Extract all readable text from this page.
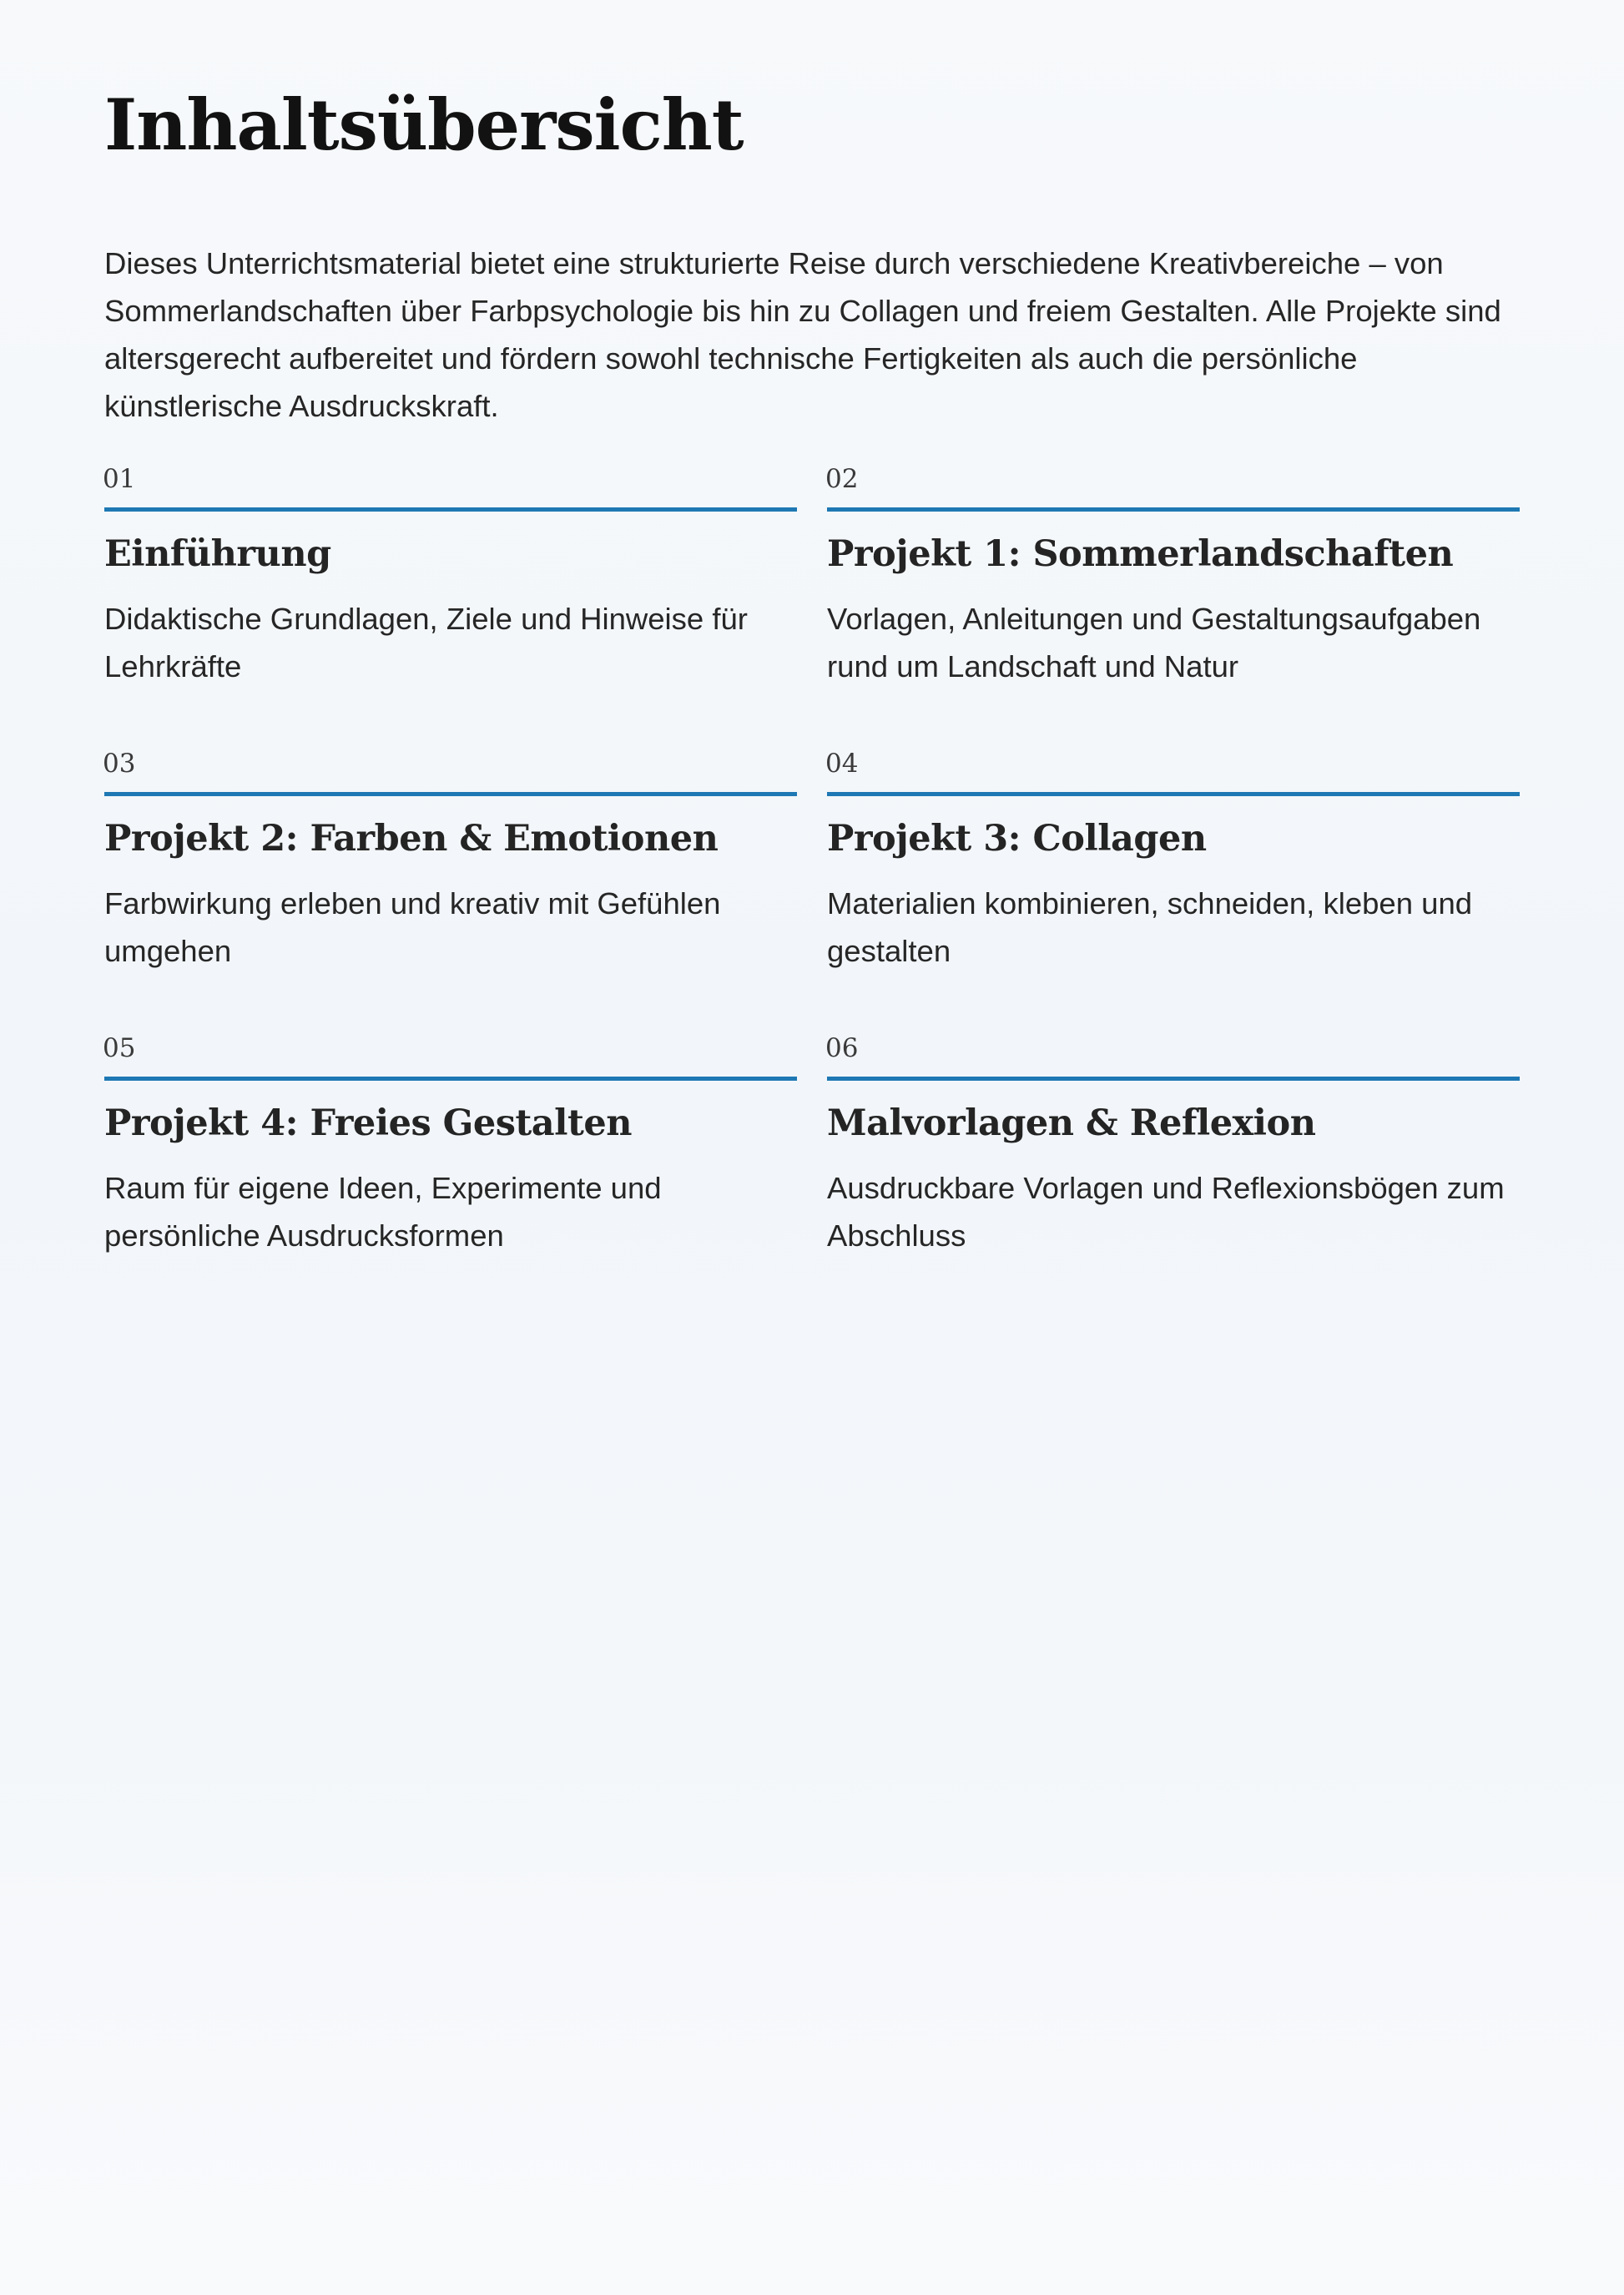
Inhaltsübersicht

Dieses Unterrichtsmaterial bietet eine strukturierte Reise durch verschiedene Kreativbereiche – von Sommerlandschaften über Farbpsychologie bis hin zu Collagen und freiem Gestalten. Alle Projekte sind altersgerecht aufbereitet und fördern sowohl technische Fertigkeiten als auch die persönliche künstlerische Ausdruckskraft.

01
Einführung

Didaktische Grundlagen, Ziele und Hinweise für Lehrkräfte

02
Projekt 1: Sommerlandschaften

Vorlagen, Anleitungen und Gestaltungsaufgaben rund um Landschaft und Natur

03
Projekt 2: Farben & Emotionen

Farbwirkung erleben und kreativ mit Gefühlen umgehen

04
Projekt 3: Collagen

Materialien kombinieren, schneiden, kleben und gestalten

05
Projekt 4: Freies Gestalten

Raum für eigene Ideen, Experimente und persönliche Ausdrucksformen

06
Malvorlagen & Reflexion

Ausdruckbare Vorlagen und Reflexionsbögen zum Abschluss
